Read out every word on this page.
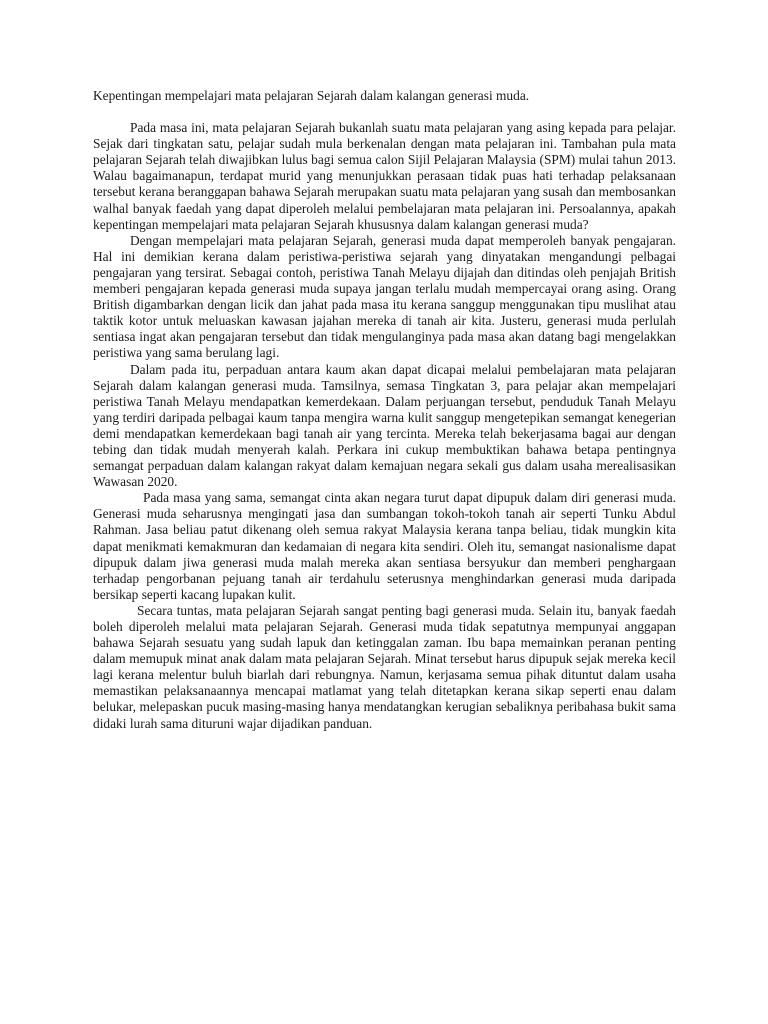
Kepentingan mempelajari mata pelajaran Sejarah dalam kalangan generasi muda.

Pada masa ini, mata pelajaran Sejarah bukanlah suatu mata pelajaran yang asing kepada para pelajar. Sejak dari tingkatan satu, pelajar sudah mula berkenalan dengan mata pelajaran ini. Tambahan pula mata pelajaran Sejarah telah diwajibkan lulus bagi semua calon Sijil Pelajaran Malaysia (SPM) mulai tahun 2013. Walau bagaimanapun, terdapat murid yang menunjukkan perasaan tidak puas hati terhadap pelaksanaan tersebut kerana beranggapan bahawa Sejarah merupakan suatu mata pelajaran yang susah dan membosankan walhal banyak faedah yang dapat diperoleh melalui pembelajaran mata pelajaran ini. Persoalannya, apakah kepentingan mempelajari mata pelajaran Sejarah khususnya dalam kalangan generasi muda?

Dengan mempelajari mata pelajaran Sejarah, generasi muda dapat memperoleh banyak pengajaran. Hal ini demikian kerana dalam peristiwa-peristiwa sejarah yang dinyatakan mengandungi pelbagai pengajaran yang tersirat. Sebagai contoh, peristiwa Tanah Melayu dijajah dan ditindas oleh penjajah British memberi pengajaran kepada generasi muda supaya jangan terlalu mudah mempercayai orang asing. Orang British digambarkan dengan licik dan jahat pada masa itu kerana sanggup menggunakan tipu muslihat atau taktik kotor untuk meluaskan kawasan jajahan mereka di tanah air kita. Justeru, generasi muda perlulah sentiasa ingat akan pengajaran tersebut dan tidak mengulanginya pada masa akan datang bagi mengelakkan peristiwa yang sama berulang lagi.

Dalam pada itu, perpaduan antara kaum akan dapat dicapai melalui pembelajaran mata pelajaran Sejarah dalam kalangan generasi muda. Tamsilnya, semasa Tingkatan 3, para pelajar akan mempelajari peristiwa Tanah Melayu mendapatkan kemerdekaan. Dalam perjuangan tersebut, penduduk Tanah Melayu yang terdiri daripada pelbagai kaum tanpa mengira warna kulit sanggup mengetepikan semangat kenegerian demi mendapatkan kemerdekaan bagi tanah air yang tercinta. Mereka telah bekerjasama bagai aur dengan tebing dan tidak mudah menyerah kalah. Perkara ini cukup membuktikan bahawa betapa pentingnya semangat perpaduan dalam kalangan rakyat dalam kemajuan negara sekali gus dalam usaha merealisasikan Wawasan 2020.

Pada masa yang sama, semangat cinta akan negara turut dapat dipupuk dalam diri generasi muda. Generasi muda seharusnya mengingati jasa dan sumbangan tokoh-tokoh tanah air seperti Tunku Abdul Rahman. Jasa beliau patut dikenang oleh semua rakyat Malaysia kerana tanpa beliau, tidak mungkin kita dapat menikmati kemakmuran dan kedamaian di negara kita sendiri. Oleh itu, semangat nasionalisme dapat dipupuk dalam jiwa generasi muda malah mereka akan sentiasa bersyukur dan memberi penghargaan terhadap pengorbanan pejuang tanah air terdahulu seterusnya menghindarkan generasi muda daripada bersikap seperti kacang lupakan kulit.

Secara tuntas, mata pelajaran Sejarah sangat penting bagi generasi muda. Selain itu, banyak faedah boleh diperoleh melalui mata pelajaran Sejarah. Generasi muda tidak sepatutnya mempunyai anggapan bahawa Sejarah sesuatu yang sudah lapuk dan ketinggalan zaman. Ibu bapa memainkan peranan penting dalam memupuk minat anak dalam mata pelajaran Sejarah. Minat tersebut harus dipupuk sejak mereka kecil lagi kerana melentur buluh biarlah dari rebungnya. Namun, kerjasama semua pihak dituntut dalam usaha memastikan pelaksanaannya mencapai matlamat yang telah ditetapkan kerana sikap seperti enau dalam belukar, melepaskan pucuk masing-masing hanya mendatangkan kerugian sebaliknya peribahasa bukit sama didaki lurah sama dituruni wajar dijadikan panduan.
